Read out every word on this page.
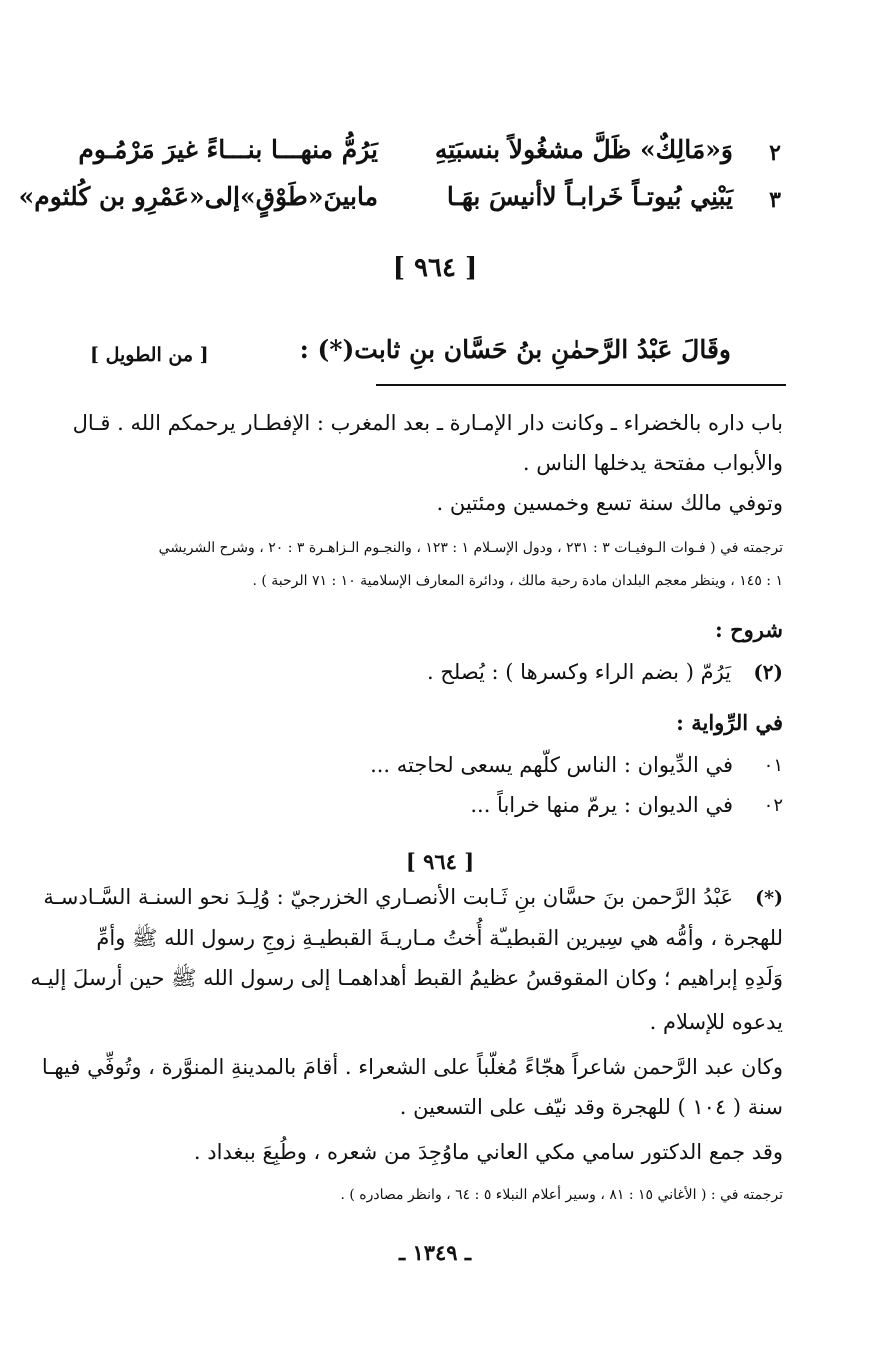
٢
وَ«مَالِكٌ» ظَلَّ مشغُولاً بنسبَتِهِ
يَرُمُّ منهـــا بنـــاءً غيرَ مَرْمُـوم
٣
يَبْنِي بُيوتـاً خَرابـاً لاأنيسَ بهَـا
مابينَ«طَوْقٍ»إلى«عَمْرِو بن كُلثوم»
[ ٩٦٤ ]
وقَالَ عَبْدُ الرَّحمٰنِ بنُ حَسَّان بنِ ثابت(*) :
[ من الطويل ]
باب داره بالخضراء ـ وكانت دار الإمـارة ـ بعد المغرب : الإفطـار يرحمكم الله . قـال
والأبواب مفتحة يدخلها الناس .
وتوفي مالك سنة تسع وخمسين ومئتين .
ترجمته في ( فـوات الـوفيـات ٣ : ٢٣١ ، ودول الإسـلام ١ : ١٢٣ ، والنجـوم الـزاهـرة ٣ : ٢٠ ، وشرح الشريشي
١ : ١٤٥ ، وينظر معجم البلدان مادة رحبة مالك ، ودائرة المعارف الإسلامية ١٠ : ٧١ الرحبة ) .
شروح :
(٢)
يَرُمّ ( بضم الراء وكسرها ) : يُصلح .
في الرِّواية :
٠١
في الدِّيوان : الناس كلّهم يسعى لحاجته ...
٠٢
في الديوان : يرمّ منها خراباً ...
[ ٩٦٤ ]
(*)
عَبْدُ الرَّحمن بنَ حسَّان بنِ ثَـابت الأنصـاري الخزرجيّ : وُلِـدَ نحو السنـة السَّـادسـة
للهجرة ، وأمُّه هي سِيرين القبطيـّة أُختُ مـاريـةَ القبطيـةِ زوجِ رسول الله ﷺ وأمِّ
وَلَدِهِ إبراهيم ؛ وكان المقوقسُ عظيمُ القبط أهداهمـا إلى رسول الله ﷺ حين أرسلَ إليـه
يدعوه للإسلام .
وكان عبد الرَّحمن شاعراً هجّاءً مُغلّباً على الشعراء . أقامَ بالمدينةِ المنوَّرة ، وتُوفِّي فيهـا
سنة ( ١٠٤ ) للهجرة وقد نيّف على التسعين .
وقد جمع الدكتور سامي مكي العاني ماوُجِدَ من شعره ، وطُبِعَ ببغداد .
ترجمته في : ( الأغاني ١٥ : ٨١ ، وسير أعلام النبلاء ٥ : ٦٤ ، وانظر مصادره ) .
ـ ١٣٤٩ ـ
